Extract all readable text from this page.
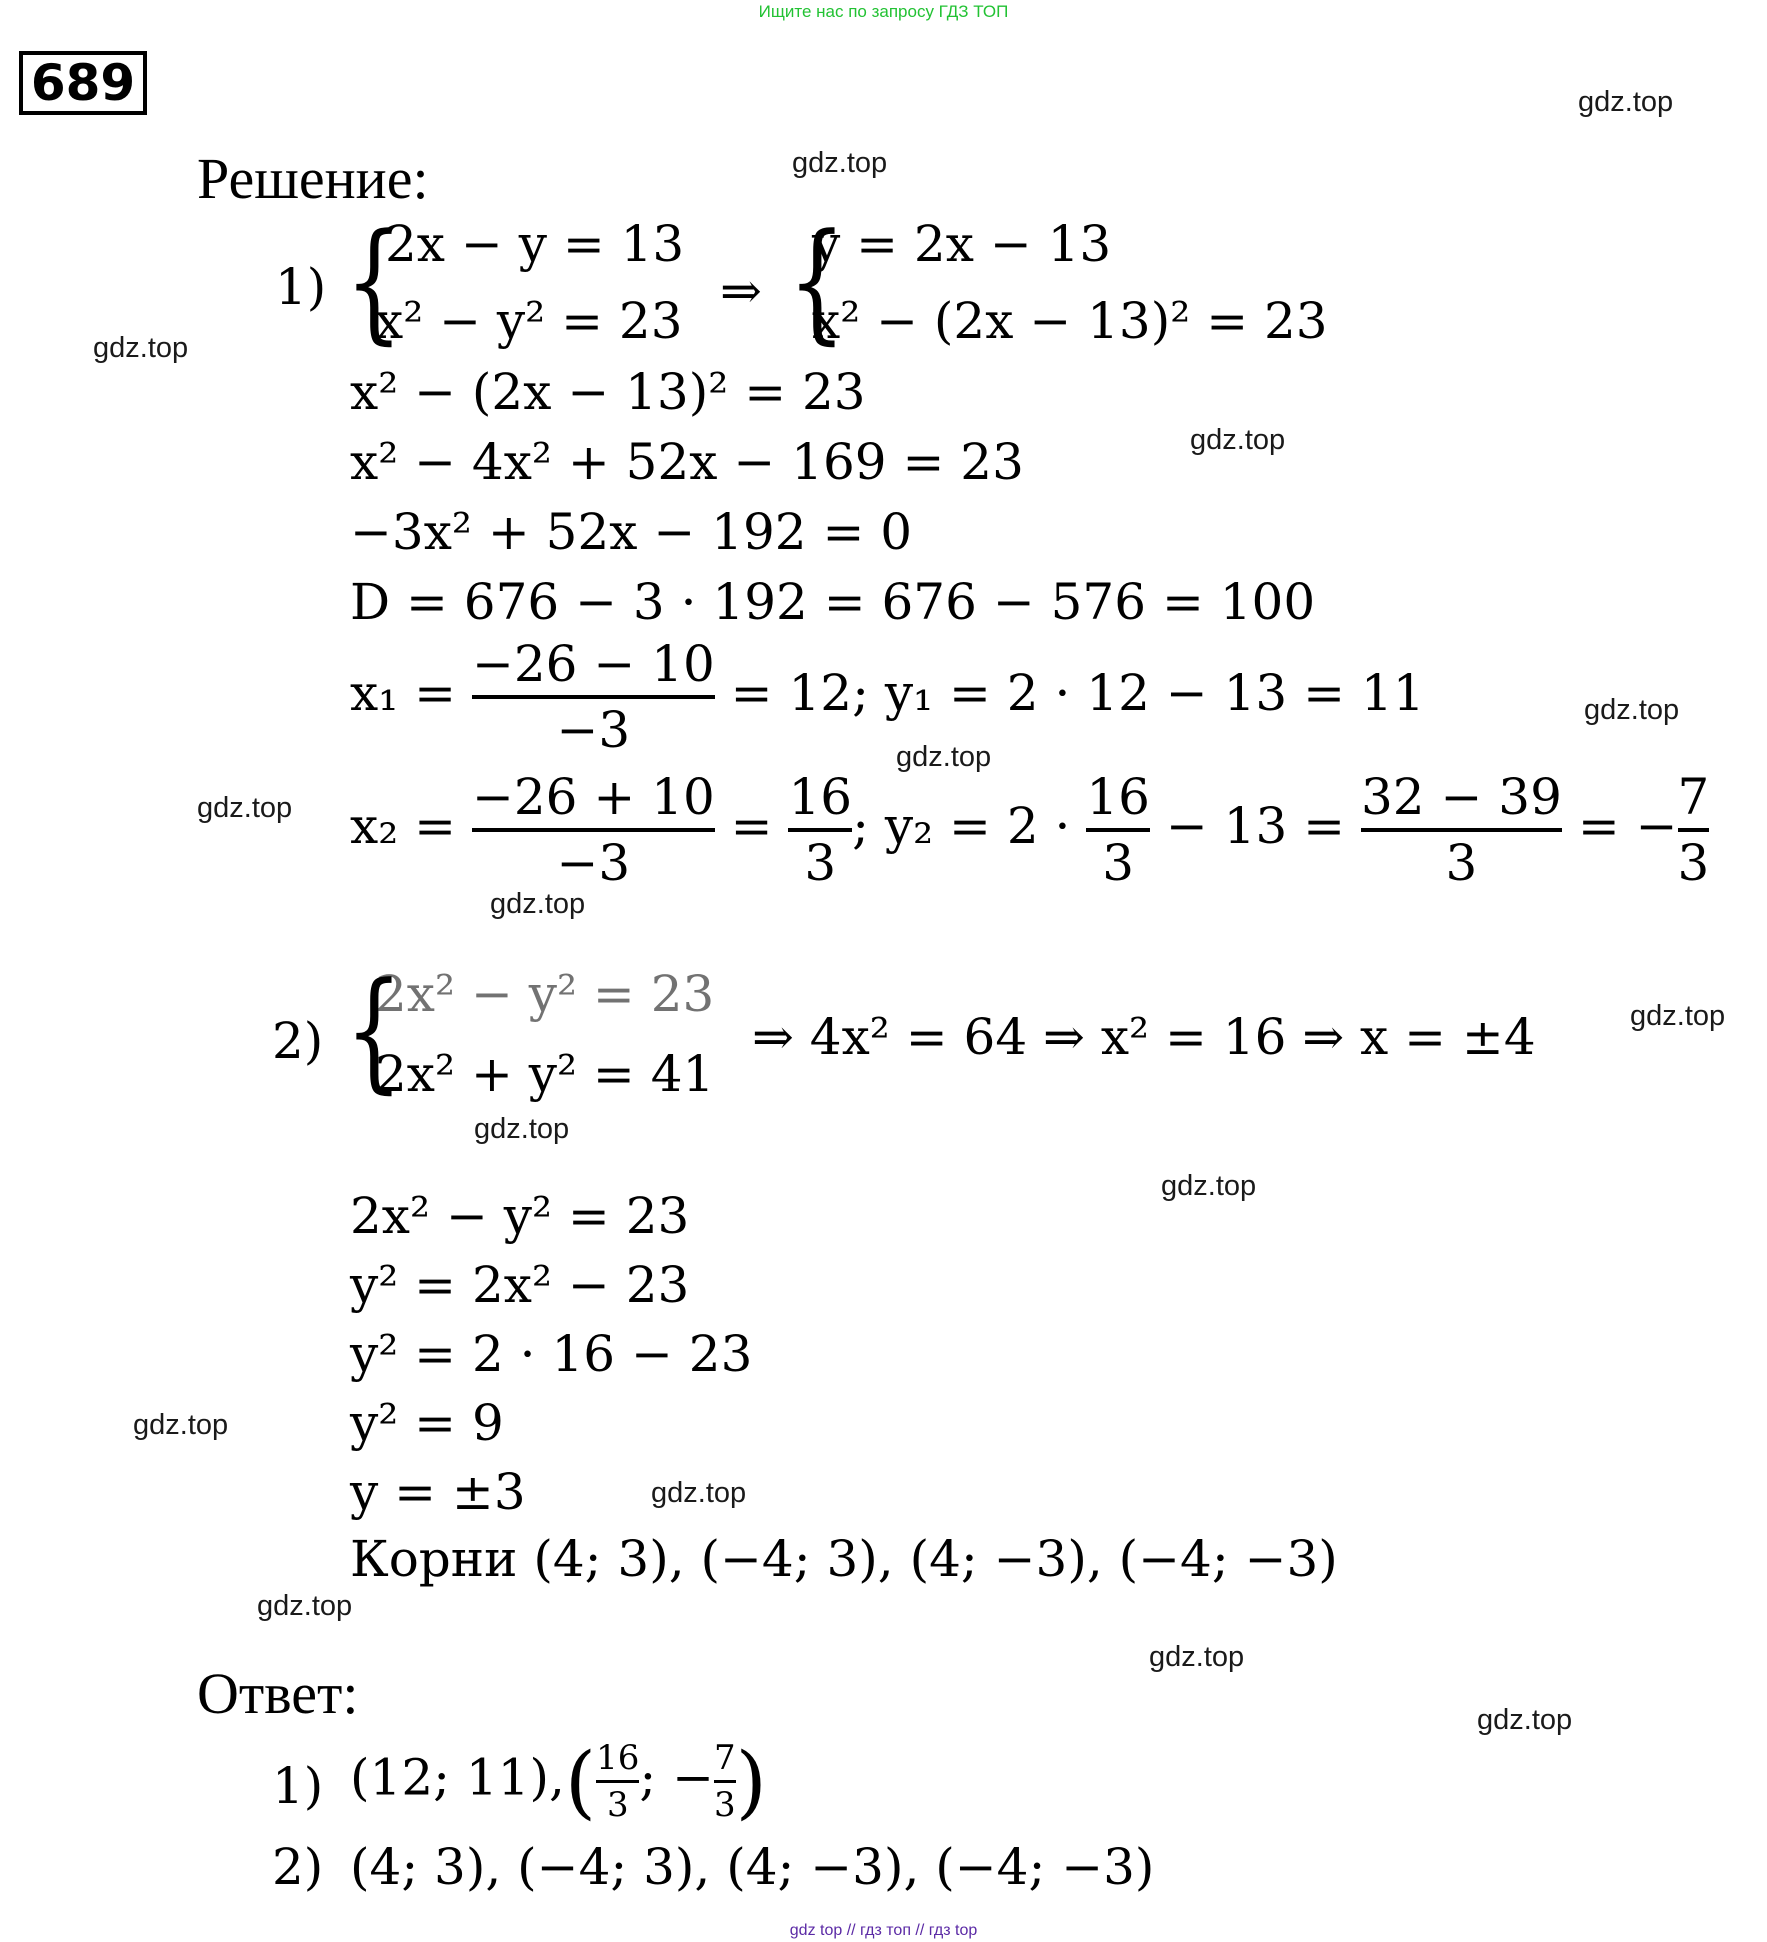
Ищите нас по запросу ГДЗ ТОП
689
Решение:
1) {
2x − y = 13
x² − y² = 23
⇒ {
y = 2x − 13
x² − (2x − 13)² = 23
x² − (2x − 13)² = 23
x² − 4x² + 52x − 169 = 23
−3x² + 52x − 192 = 0
D = 676 − 3 · 192 = 676 − 576 = 100
$x_1 = \frac{-26 - 10}{-3} = 12$; y₁ = 2 · 12 − 13 = 11
$x_2 = \frac{-26 + 10}{-3} = \frac{16}{3}$ ; $y_2 = 2 \cdot \frac{16}{3} - 13 = \frac{32 - 39}{3}$ = − $\frac{7}{3}$
2) {
2x² − y² = 23
2x² + y² = 41
⇒ 4x² = 64 ⇒ x² = 16 ⇒ x = ±4
2x² − y² = 23
y² = 2x² − 23
y² = 2 · 16 − 23
y² = 9
y = ±3
Корни (4; 3), (−4; 3), (4; −3), (−4; −3)
Ответ:
1) (12; $11),( \frac{16}{3}$ ; − $\frac{7}{3}$ )
2) (4; 3), (−4; 3), (4; −3), (−4; −3)
gdz.top
gdz.top
gdz.top
gdz.top
gdz.top
gdz.top
gdz.top
gdz.top
gdz.top
gdz.top
gdz.top
gdz.top
gdz.top
gdz.top
gdz.top
gdz.top
gdz top // гдз топ // гдз top
